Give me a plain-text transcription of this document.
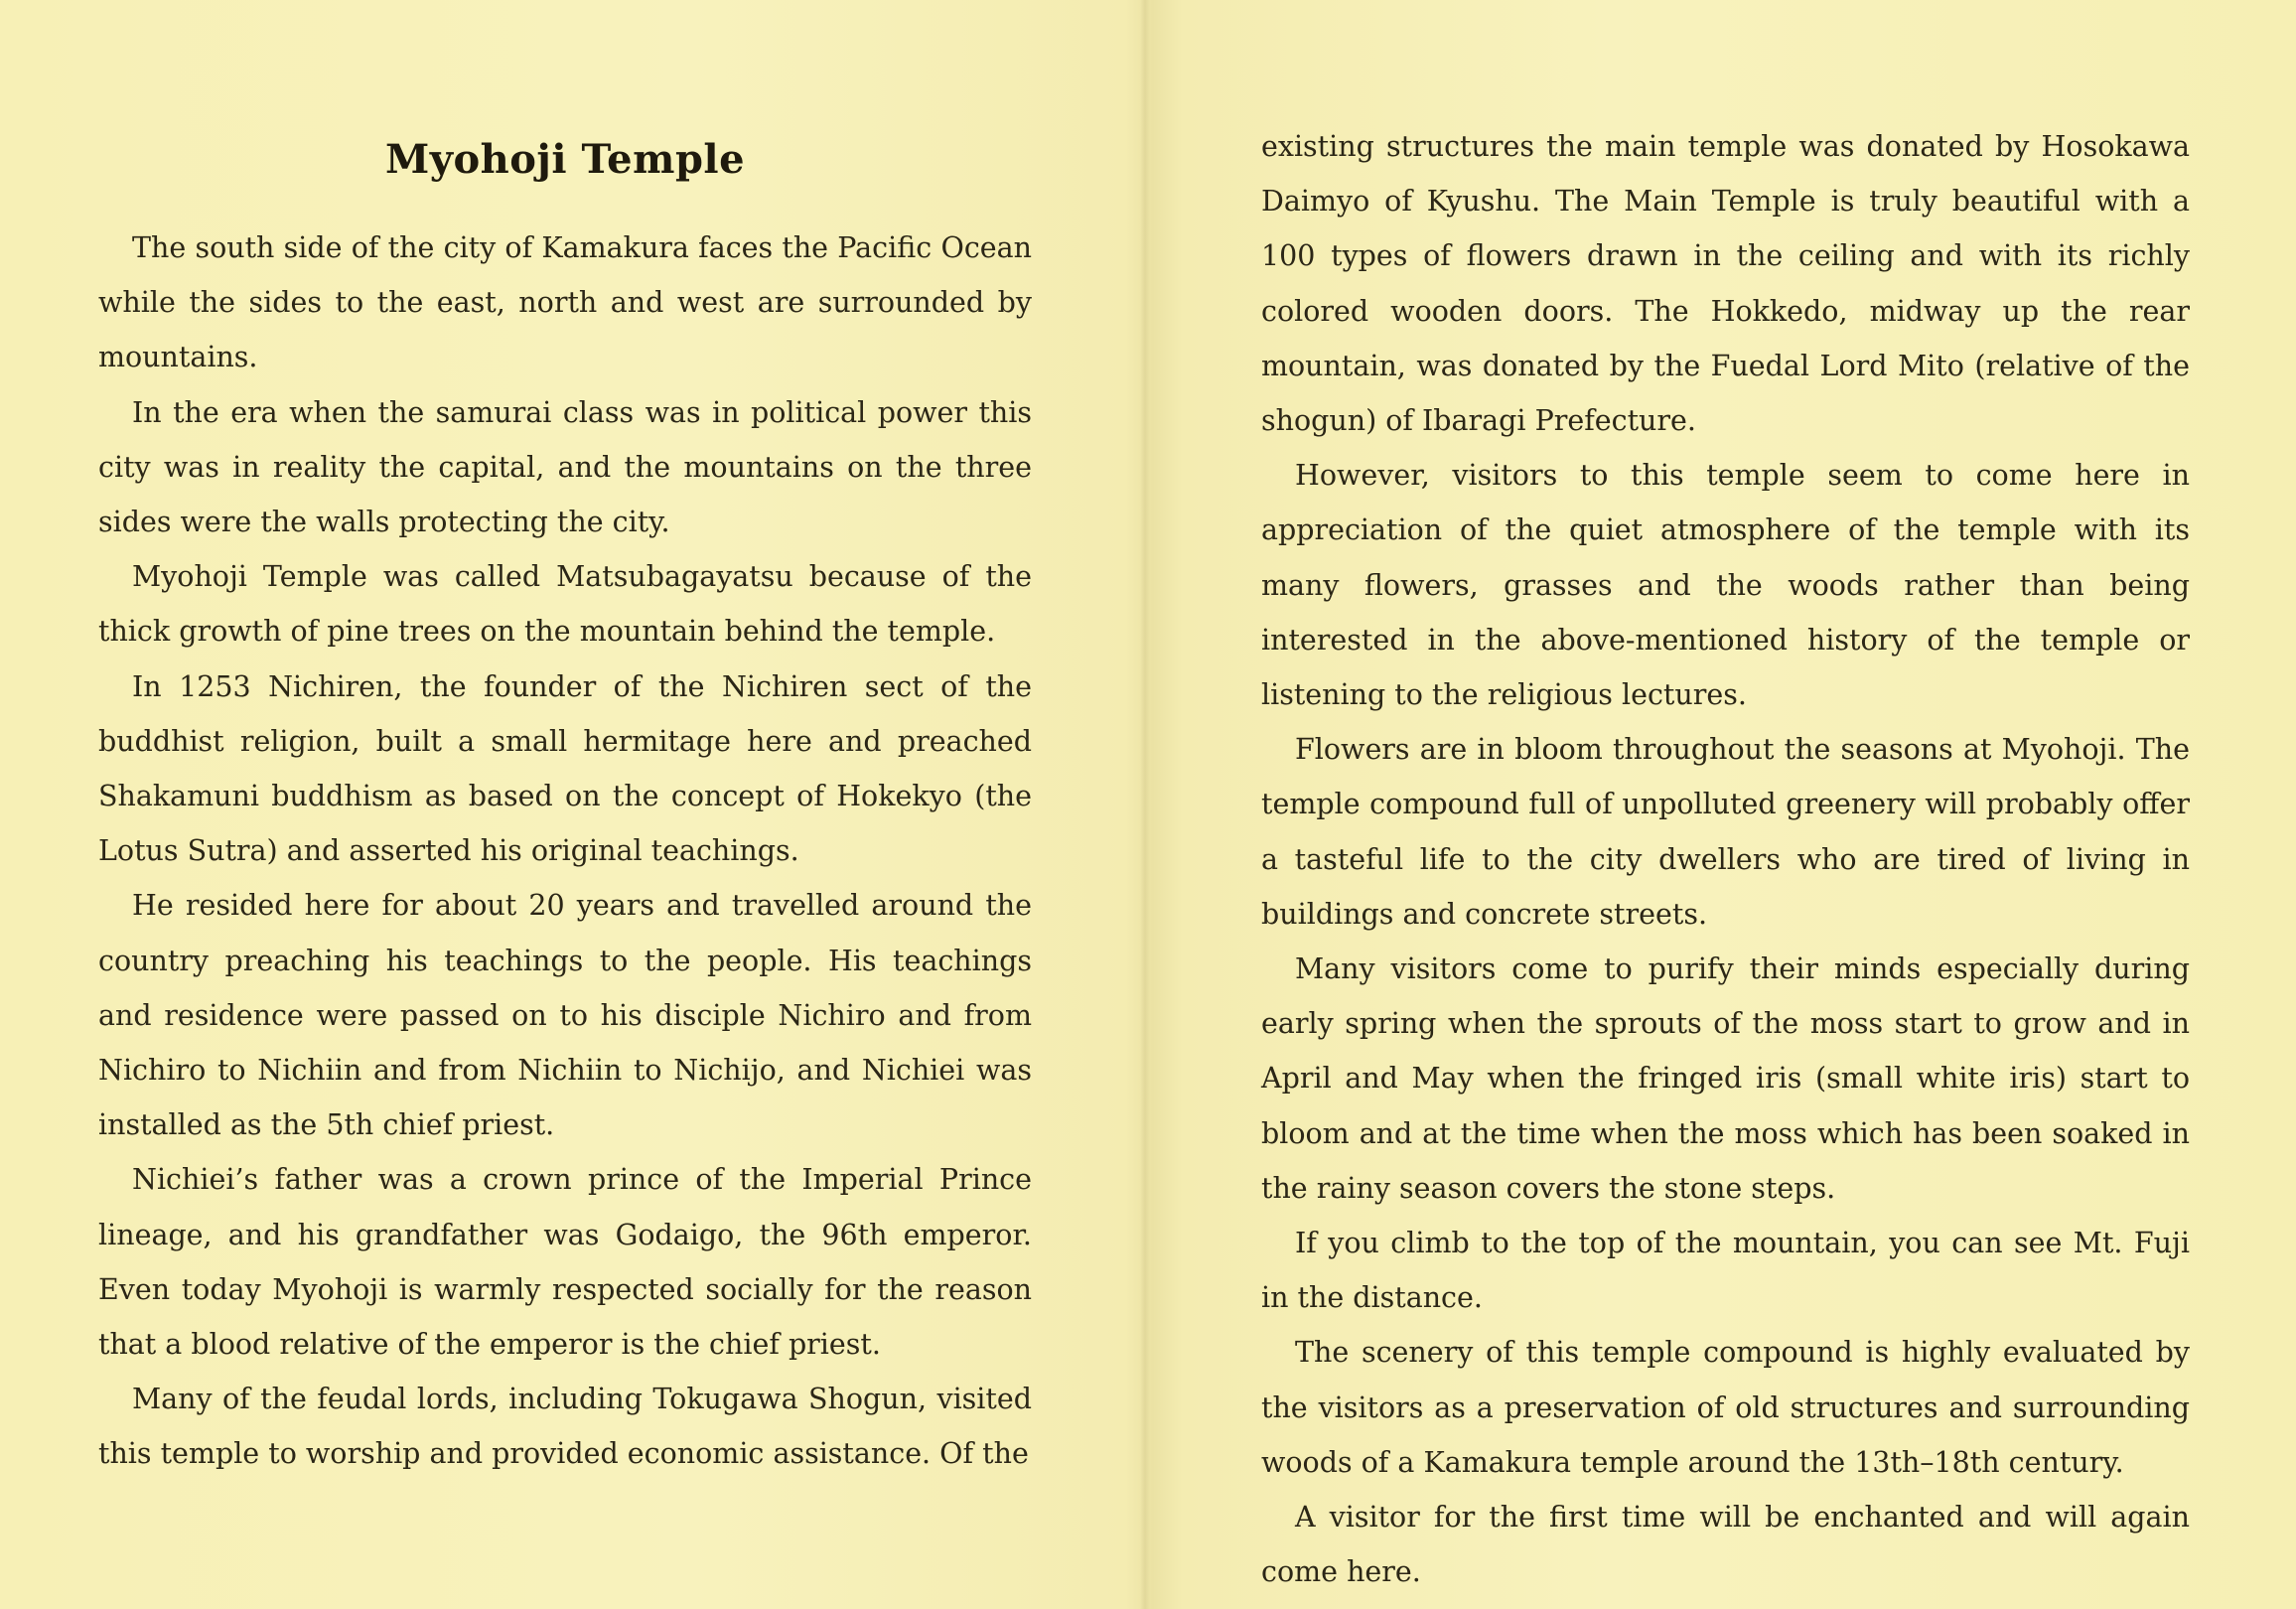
Myohoji Temple

The south side of the city of Kamakura faces the Pacific Ocean while the sides to the east, north and west are surrounded by mountains.

In the era when the samurai class was in political power this city was in reality the capital, and the mountains on the three sides were the walls protecting the city.

Myohoji Temple was called Matsubagayatsu because of the thick growth of pine trees on the mountain behind the temple.

In 1253 Nichiren, the founder of the Nichiren sect of the buddhist religion, built a small hermitage here and preached Shakamuni buddhism as based on the concept of Hokekyo (the Lotus Sutra) and asserted his original teachings.

He resided here for about 20 years and travelled around the country preaching his teachings to the people. His teachings and residence were passed on to his disciple Nichiro and from Nichiro to Nichiin and from Nichiin to Nichijo, and Nichiei was installed as the 5th chief priest.

Nichiei’s father was a crown prince of the Imperial Prince lineage, and his grandfather was Godaigo, the 96th emperor. Even today Myohoji is warmly respected socially for the reason that a blood relative of the emperor is the chief priest.

Many of the feudal lords, including Tokugawa Shogun, visited this temple to worship and provided economic assistance. Of the

existing structures the main temple was donated by Hosokawa Daimyo of Kyushu. The Main Temple is truly beautiful with a 100 types of flowers drawn in the ceiling and with its richly colored wooden doors. The Hokkedo, midway up the rear mountain, was donated by the Fuedal Lord Mito (relative of the shogun) of Ibaragi Prefecture.

However, visitors to this temple seem to come here in appreciation of the quiet atmosphere of the temple with its many flowers, grasses and the woods rather than being interested in the above-mentioned history of the temple or listening to the religious lectures.

Flowers are in bloom throughout the seasons at Myohoji. The temple compound full of unpolluted greenery will probably offer a tasteful life to the city dwellers who are tired of living in buildings and concrete streets.

Many visitors come to purify their minds especially during early spring when the sprouts of the moss start to grow and in April and May when the fringed iris (small white iris) start to bloom and at the time when the moss which has been soaked in the rainy season covers the stone steps.

If you climb to the top of the mountain, you can see Mt. Fuji in the distance.

The scenery of this temple compound is highly evaluated by the visitors as a preservation of old structures and surrounding woods of a Kamakura temple around the 13th–18th century.

A visitor for the first time will be enchanted and will again come here.
